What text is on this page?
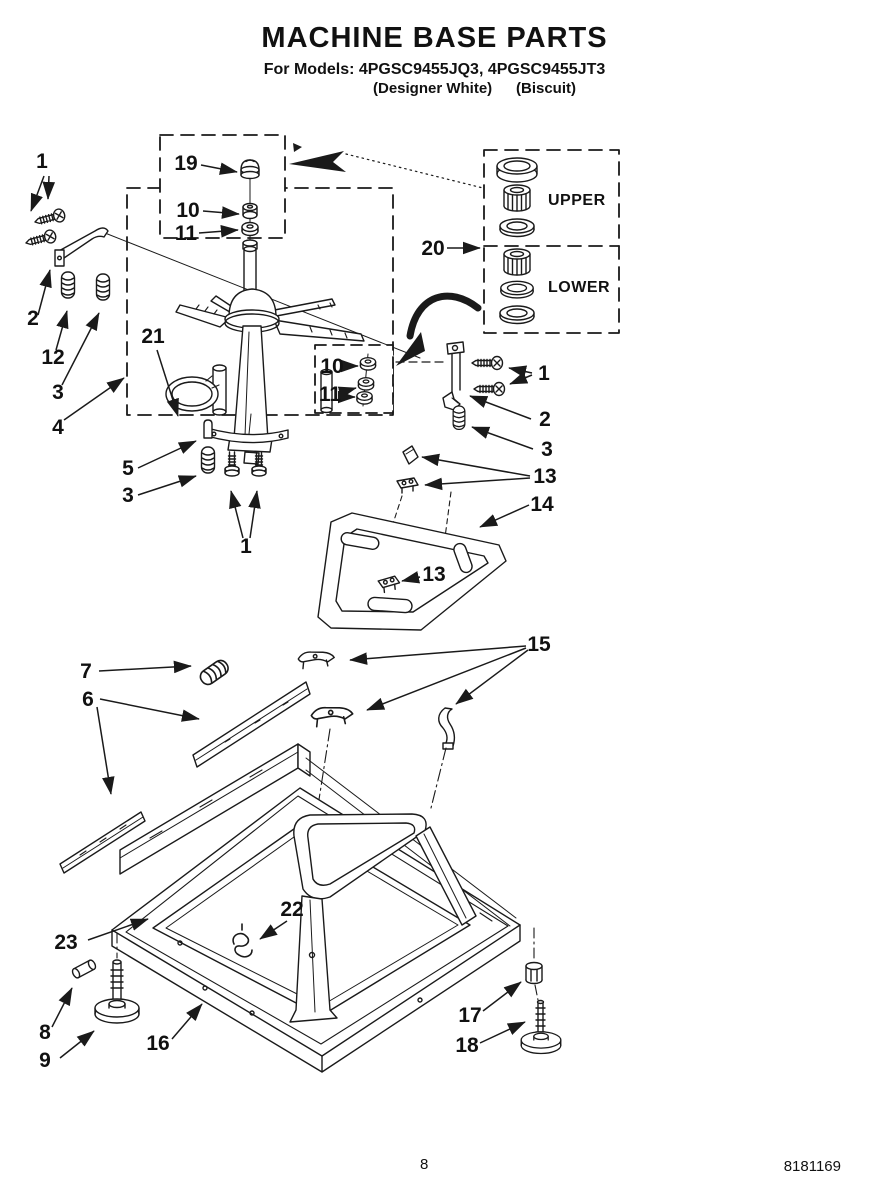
MACHINE BASE PARTS
For Models: 4PGSC9455JQ3, 4PGSC9455JT3
(Designer White) (Biscuit)
1
2
12
3
4
19
10
11
21
10
11
5
3
1
20
1
2
3
13
14
13
15
7
6
22
23
8
9
16
17
18
UPPER
LOWER
8	8181169
